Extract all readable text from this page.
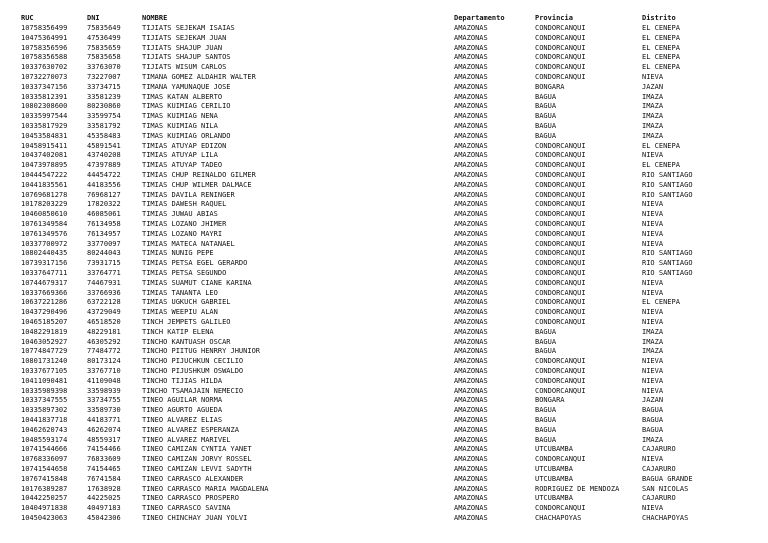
RUC	DNI	NOMBRE	Departamento	Provincia	Distrito
10758356499	75835649	TIJIATS SEJEKAM ISAIAS	AMAZONAS	CONDORCANQUI	EL CENEPA
10475364991	47536499	TIJIATS SEJEKAM JUAN	AMAZONAS	CONDORCANQUI	EL CENEPA
10758356596	75835659	TIJIATS SHAJUP JUAN	AMAZONAS	CONDORCANQUI	EL CENEPA
10758356588	75835658	TIJIATS SHAJUP SANTOS	AMAZONAS	CONDORCANQUI	EL CENEPA
10337630702	33763070	TIJIATS WISUM CARLOS	AMAZONAS	CONDORCANQUI	EL CENEPA
10732270073	73227007	TIMANA GOMEZ ALDAHIR WALTER	AMAZONAS	CONDORCANQUI	NIEVA
10337347156	33734715	TIMANA YAMUNAQUE JOSE	AMAZONAS	BONGARA	JAZAN
10335812391	33581239	TIMAS KATAN ALBERTO	AMAZONAS	BAGUA	IMAZA
10802308600	80230860	TIMAS KUIMIAG CERILIO	AMAZONAS	BAGUA	IMAZA
10335997544	33599754	TIMAS KUIMIAG NENA	AMAZONAS	BAGUA	IMAZA
10335817929	33581792	TIMAS KUIMIAG NILA	AMAZONAS	BAGUA	IMAZA
10453584831	45358483	TIMAS KUIMIAG ORLANDO	AMAZONAS	BAGUA	IMAZA
10458915411	45891541	TIMIAS ATUYAP EDIZON	AMAZONAS	CONDORCANQUI	EL CENEPA
10437402081	43740208	TIMIAS ATUYAP LILA	AMAZONAS	CONDORCANQUI	NIEVA
10473978895	47397889	TIMIAS ATUYAP TADEO	AMAZONAS	CONDORCANQUI	EL CENEPA
10444547222	44454722	TIMIAS CHUP REINALDO GILMER	AMAZONAS	CONDORCANQUI	RIO SANTIAGO
10441835561	44183556	TIMIAS CHUP WILMER DALMACE	AMAZONAS	CONDORCANQUI	RIO SANTIAGO
10769681278	76968127	TIMIAS DAVILA RENINGER	AMAZONAS	CONDORCANQUI	RIO SANTIAGO
10178203229	17820322	TIMIAS DAWESH RAQUEL	AMAZONAS	CONDORCANQUI	NIEVA
10460850610	46085061	TIMIAS JUWAU ABIAS	AMAZONAS	CONDORCANQUI	NIEVA
10761349584	76134958	TIMIAS LOZANO JHIMER	AMAZONAS	CONDORCANQUI	NIEVA
10761349576	76134957	TIMIAS LOZANO MAYRI	AMAZONAS	CONDORCANQUI	NIEVA
10337700972	33770097	TIMIAS MATECA NATANAEL	AMAZONAS	CONDORCANQUI	NIEVA
10802440435	80244043	TIMIAS NUNIG PEPE	AMAZONAS	CONDORCANQUI	RIO SANTIAGO
10739317156	73931715	TIMIAS PETSA EGEL GERARDO	AMAZONAS	CONDORCANQUI	RIO SANTIAGO
10337647711	33764771	TIMIAS PETSA SEGUNDO	AMAZONAS	CONDORCANQUI	RIO SANTIAGO
10744679317	74467931	TIMIAS SUAMUT CIANE KARINA	AMAZONAS	CONDORCANQUI	NIEVA
10337669366	33766936	TIMIAS TANANTA LEO	AMAZONAS	CONDORCANQUI	NIEVA
10637221286	63722128	TIMIAS UGKUCH GABRIEL	AMAZONAS	CONDORCANQUI	EL CENEPA
10437290496	43729049	TIMIAS WEEPIU ALAN	AMAZONAS	CONDORCANQUI	NIEVA
10465185207	46518520	TINCH JEMPETS GALILEO	AMAZONAS	CONDORCANQUI	NIEVA
10482291819	48229181	TINCH KATIP ELENA	AMAZONAS	BAGUA	IMAZA
10463052927	46305292	TINCHO KANTUASH OSCAR	AMAZONAS	BAGUA	IMAZA
10774847729	77484772	TINCHO PIITUG HENRRY JHUNIOR	AMAZONAS	BAGUA	IMAZA
10801731240	80173124	TINCHO PIJUCHKUN CECILIO	AMAZONAS	CONDORCANQUI	NIEVA
10337677105	33767710	TINCHO PIJUSHKUM OSWALDO	AMAZONAS	CONDORCANQUI	NIEVA
10411090481	41109048	TINCHO TIJIAS HILDA	AMAZONAS	CONDORCANQUI	NIEVA
10335989398	33598939	TINCHO TSAMAJAIN NEMECIO	AMAZONAS	CONDORCANQUI	NIEVA
10337347555	33734755	TINEO AGUILAR NORMA	AMAZONAS	BONGARA	JAZAN
10335897302	33589730	TINEO AGURTO AGUEDA	AMAZONAS	BAGUA	BAGUA
10441837718	44183771	TINEO ALVAREZ ELIAS	AMAZONAS	BAGUA	BAGUA
10462620743	46262074	TINEO ALVAREZ ESPERANZA	AMAZONAS	BAGUA	BAGUA
10485593174	48559317	TINEO ALVAREZ MARIVEL	AMAZONAS	BAGUA	IMAZA
10741544666	74154466	TINEO CAMIZAN CYNTIA YANET	AMAZONAS	UTCUBAMBA	CAJARURO
10768336097	76833609	TINEO CAMIZAN JORVY ROSSEL	AMAZONAS	CONDORCANQUI	NIEVA
10741544658	74154465	TINEO CAMIZAN LEVVI SADYTH	AMAZONAS	UTCUBAMBA	CAJARURO
10767415848	76741584	TINEO CARRASCO ALEXANDER	AMAZONAS	UTCUBAMBA	BAGUA GRANDE
10176389287	17638928	TINEO CARRASCO MARIA MAGDALENA	AMAZONAS	RODRIGUEZ DE MENDOZA	SAN NICOLAS
10442250257	44225025	TINEO CARRASCO PROSPERO	AMAZONAS	UTCUBAMBA	CAJARURO
10404971838	40497183	TINEO CARRASCO SAVINA	AMAZONAS	CONDORCANQUI	NIEVA
10450423063	45042306	TINEO CHINCHAY JUAN YOLVI	AMAZONAS	CHACHAPOYAS	CHACHAPOYAS
